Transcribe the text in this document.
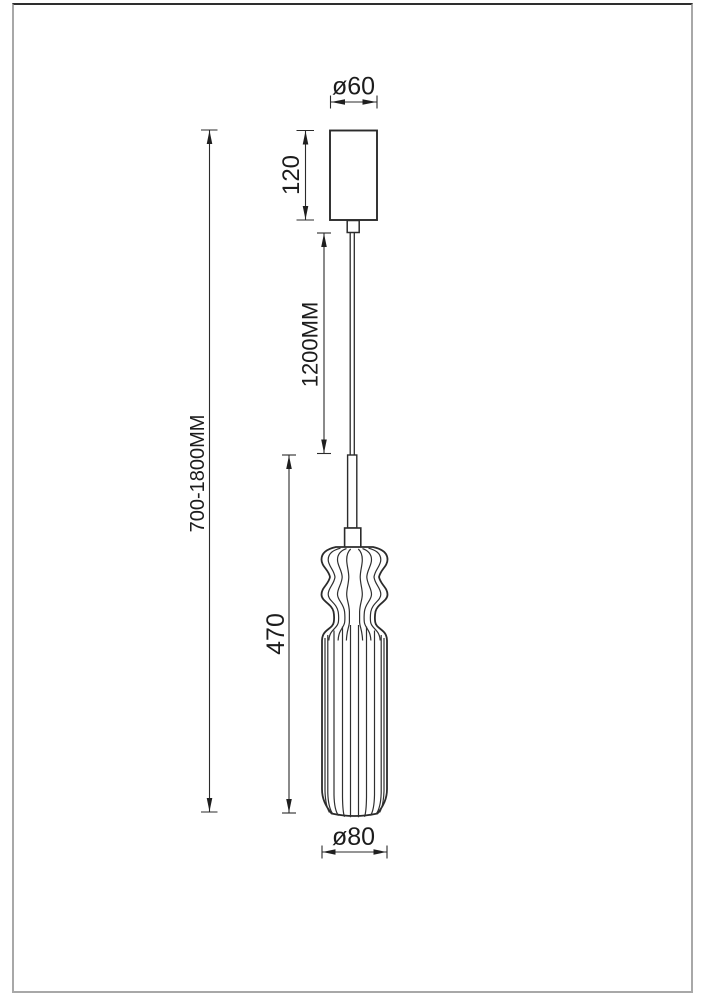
ø60
120
1200MM
700-1800MM
470
ø80
